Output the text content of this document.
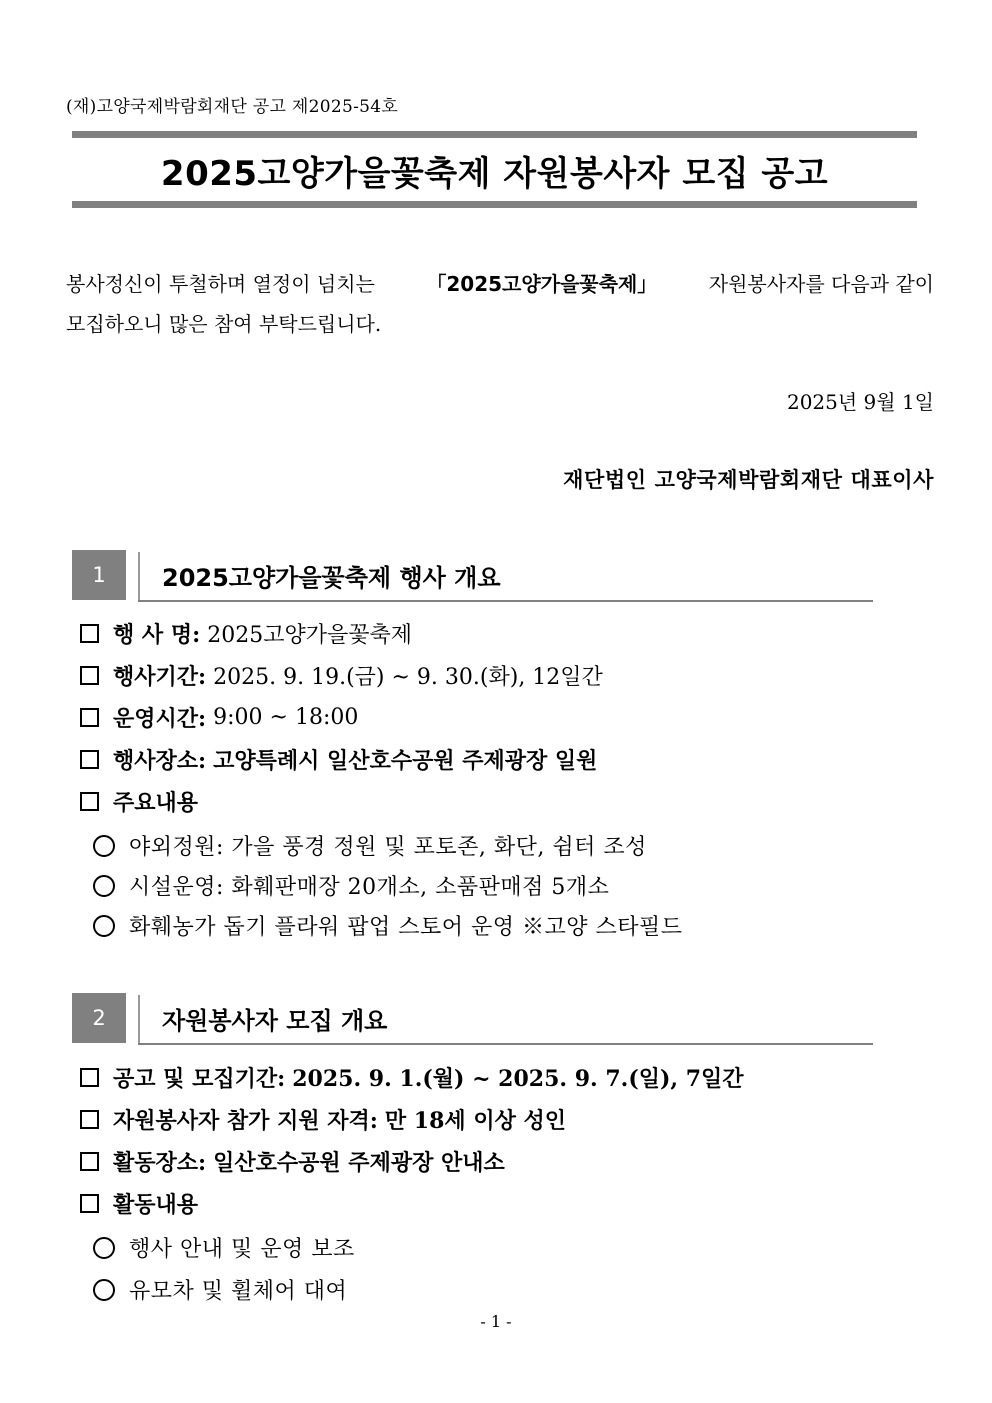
(재)고양국제박람회재단 공고 제2025-54호
2025고양가을꽃축제 자원봉사자 모집 공고
봉사정신이 투철하며 열정이 넘치는	「2025고양가을꽃축제」	자원봉사자를 다음과 같이
모집하오니 많은 참여 부탁드립니다.
2025년 9월 1일
재단법인 고양국제박람회재단 대표이사
1	2025고양가을꽃축제 행사 개요
행 사 명:
2025고양가을꽃축제
행사기간:
2025. 9. 19.(금) ~ 9. 30.(화), 12일간
운영시간:
9:00 ~ 18:00
행사장소:
고양특례시 일산호수공원 주제광장 일원
주요내용
야외정원: 가을 풍경 정원 및 포토존, 화단, 쉼터 조성
시설운영: 화훼판매장 20개소, 소품판매점 5개소
화훼농가 돕기 플라워 팝업 스토어 운영 ※고양 스타필드
2	자원봉사자 모집 개요
공고 및 모집기간:
2025. 9. 1.(월) ~ 2025. 9. 7.(일), 7일간
자원봉사자 참가 지원 자격:
만 18세 이상 성인
활동장소:
일산호수공원 주제광장 안내소
활동내용
행사 안내 및 운영 보조
유모차 및 휠체어 대여
- 1 -
